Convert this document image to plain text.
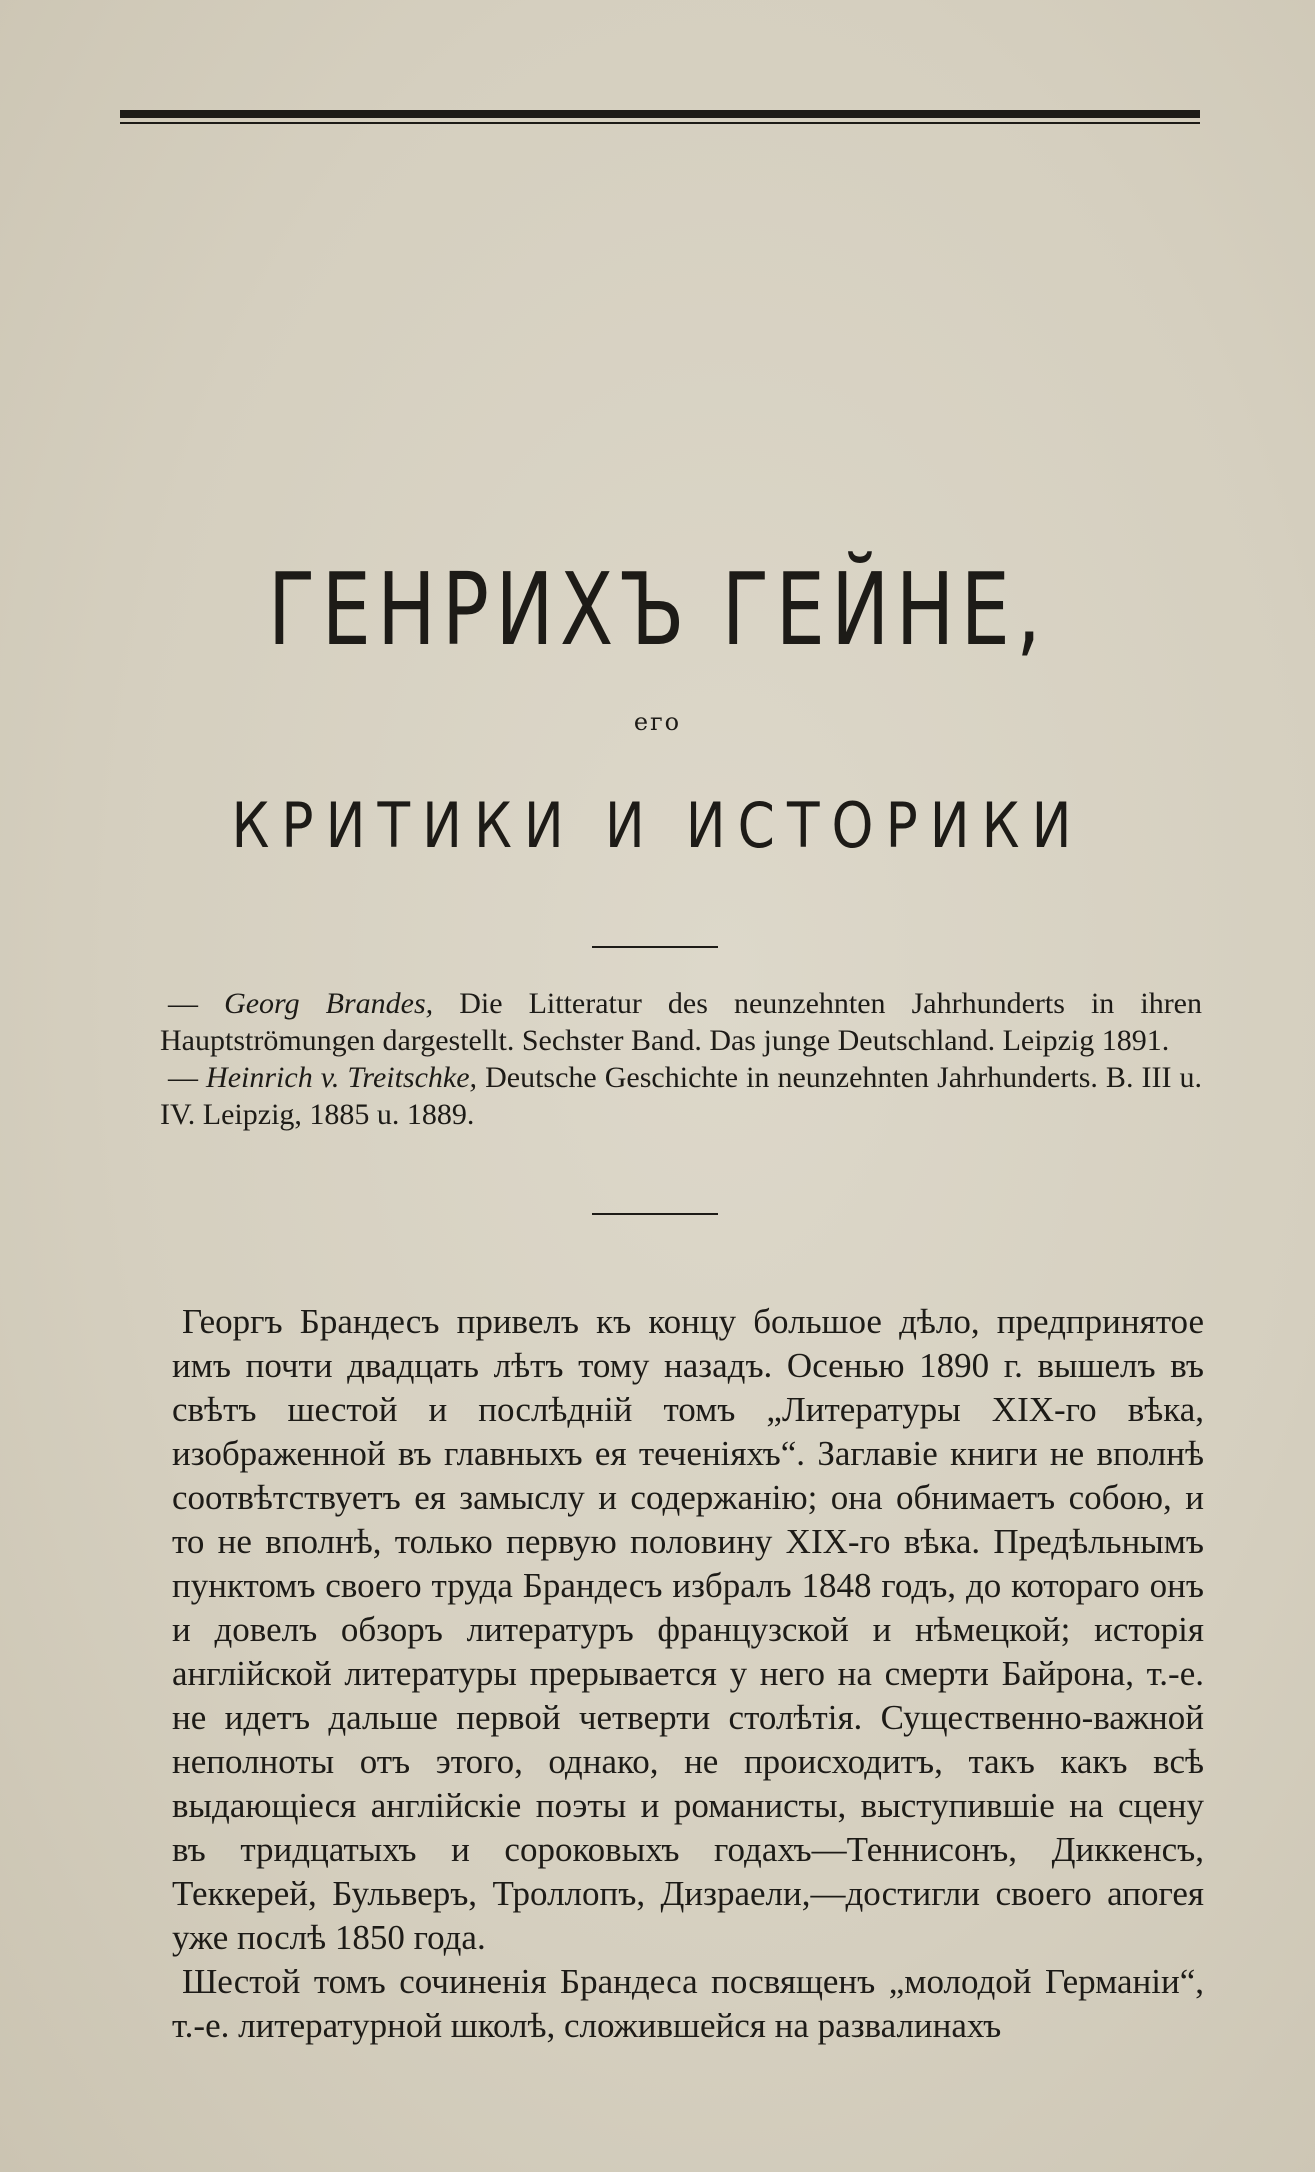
ГЕНРИХЪ ГЕЙНЕ,
его
КРИТИКИ И ИСТОРИКИ

— Georg Brandes, Die Litteratur des neunzehnten Jahrhunderts in ihren Hauptströmungen dargestellt. Sechster Band. Das junge Deutschland. Leipzig 1891.

— Heinrich v. Treitschke, Deutsche Geschichte in neunzehnten Jahrhunderts. B. III u. IV. Leipzig, 1885 u. 1889.

Георгъ Брандесъ привелъ къ концу большое дѣло, предпринятое имъ почти двадцать лѣтъ тому назадъ. Осенью 1890 г. вышелъ въ свѣтъ шестой и послѣдній томъ „Литературы XIX-го вѣка, изображенной въ главныхъ ея теченіяхъ“. Заглавіе книги не вполнѣ соотвѣтствуетъ ея замыслу и содержанію; она обнимаетъ собою, и то не вполнѣ, только первую половину XIX-го вѣка. Предѣльнымъ пунктомъ своего труда Брандесъ избралъ 1848 годъ, до котораго онъ и довелъ обзоръ литературъ французской и нѣмецкой; исторія англійской литературы прерывается у него на смерти Байрона, т.-е. не идетъ дальше первой четверти столѣтія. Существенно-важной неполноты отъ этого, однако, не происходитъ, такъ какъ всѣ выдающіеся англійскіе поэты и романисты, выступившіе на сцену въ тридцатыхъ и сороковыхъ годахъ—Теннисонъ, Диккенсъ, Теккерей, Бульверъ, Троллопъ, Дизраели,—достигли своего апогея уже послѣ 1850 года.

Шестой томъ сочиненія Брандеса посвященъ „молодой Германіи“, т.-е. литературной школѣ, сложившейся на развалинахъ
